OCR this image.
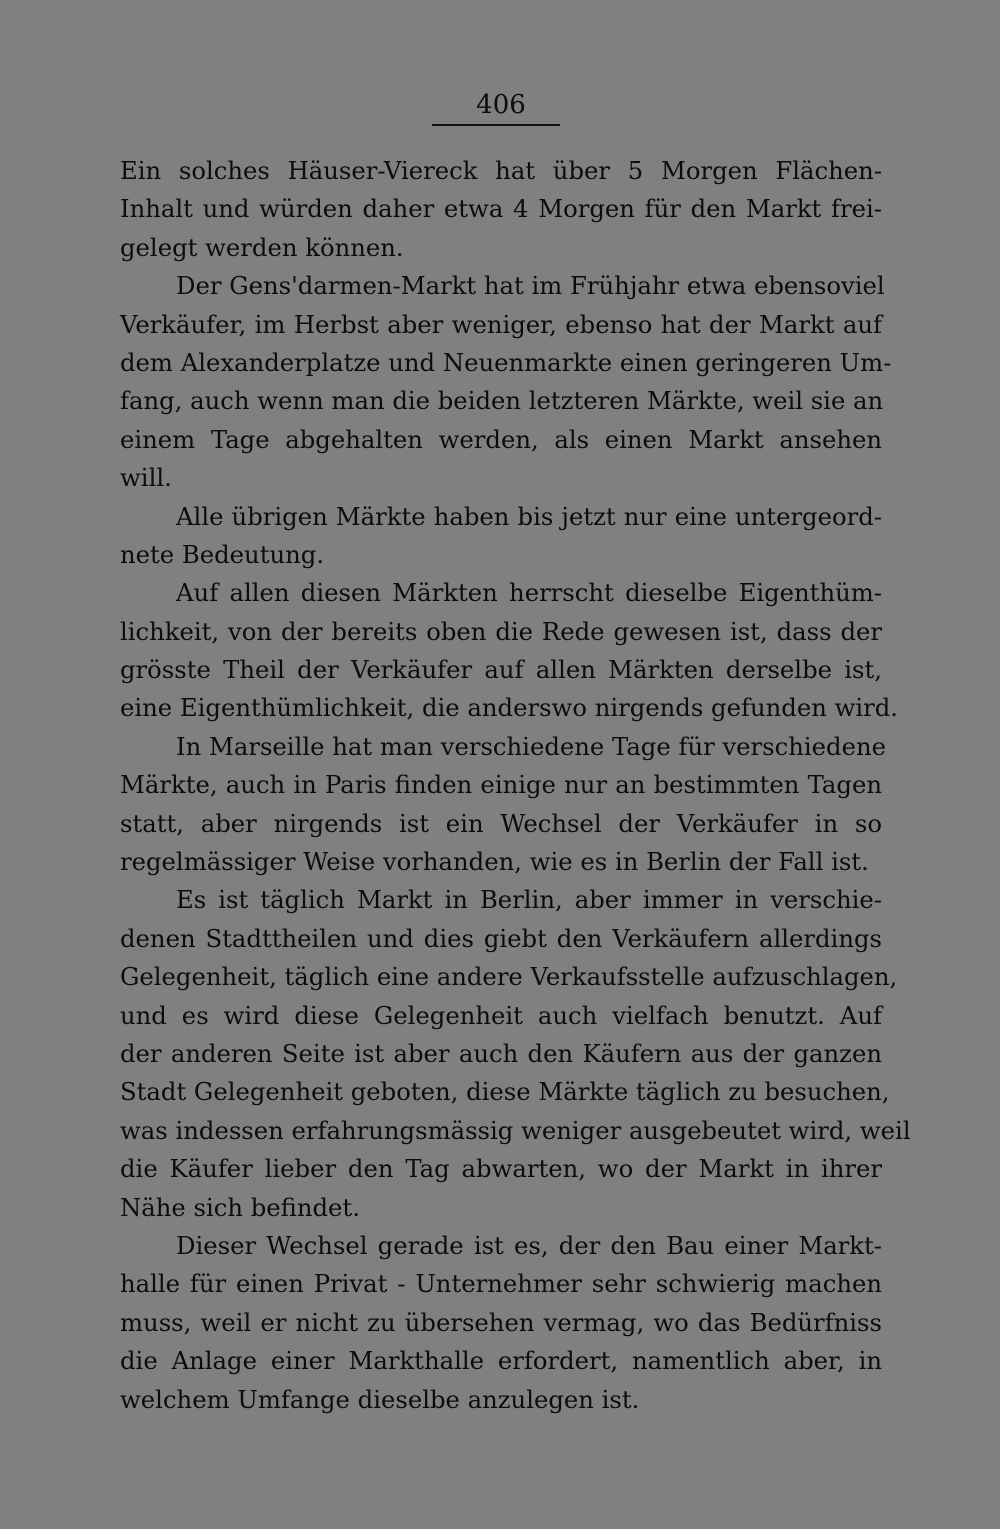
406
Ein solches Häuser-Viereck hat über 5 Morgen Flächen-
Inhalt und würden daher etwa 4 Morgen für den Markt frei-
gelegt werden können.
Der Gens'darmen-Markt hat im Frühjahr etwa ebensoviel
Verkäufer, im Herbst aber weniger, ebenso hat der Markt auf
dem Alexanderplatze und Neuenmarkte einen geringeren Um-
fang, auch wenn man die beiden letzteren Märkte, weil sie an
einem Tage abgehalten werden, als einen Markt ansehen
will.
Alle übrigen Märkte haben bis jetzt nur eine untergeord-
nete Bedeutung.
Auf allen diesen Märkten herrscht dieselbe Eigenthüm-
lichkeit, von der bereits oben die Rede gewesen ist, dass der
grösste Theil der Verkäufer auf allen Märkten derselbe ist,
eine Eigenthümlichkeit, die anderswo nirgends gefunden wird.
In Marseille hat man verschiedene Tage für verschiedene
Märkte, auch in Paris finden einige nur an bestimmten Tagen
statt, aber nirgends ist ein Wechsel der Verkäufer in so
regelmässiger Weise vorhanden, wie es in Berlin der Fall ist.
Es ist täglich Markt in Berlin, aber immer in verschie-
denen Stadttheilen und dies giebt den Verkäufern allerdings
Gelegenheit, täglich eine andere Verkaufsstelle aufzuschlagen,
und es wird diese Gelegenheit auch vielfach benutzt. Auf
der anderen Seite ist aber auch den Käufern aus der ganzen
Stadt Gelegenheit geboten, diese Märkte täglich zu besuchen,
was indessen erfahrungsmässig weniger ausgebeutet wird, weil
die Käufer lieber den Tag abwarten, wo der Markt in ihrer
Nähe sich befindet.
Dieser Wechsel gerade ist es, der den Bau einer Markt-
halle für einen Privat - Unternehmer sehr schwierig machen
muss, weil er nicht zu übersehen vermag, wo das Bedürfniss
die Anlage einer Markthalle erfordert, namentlich aber, in
welchem Umfange dieselbe anzulegen ist.
